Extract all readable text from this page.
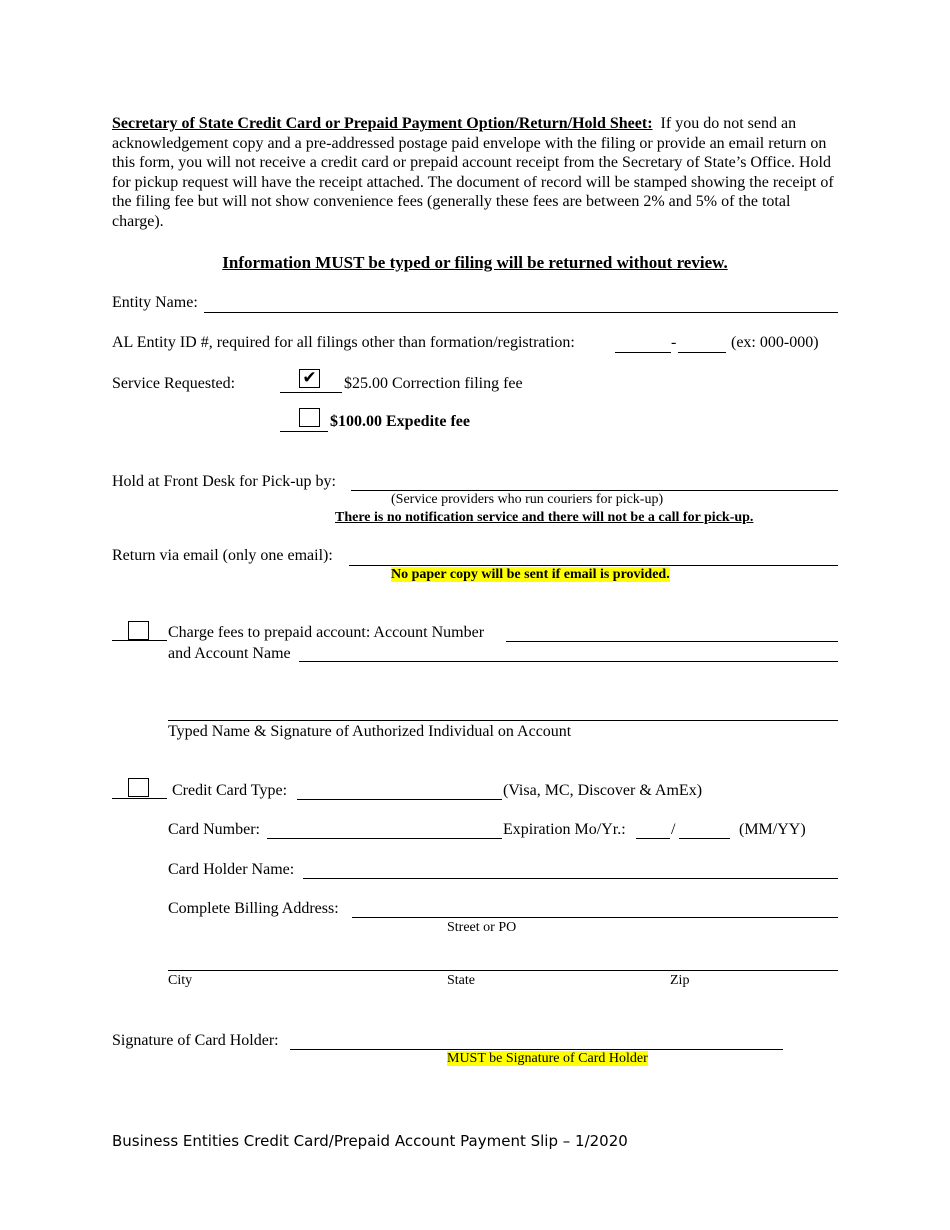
Secretary of State Credit Card or Prepaid Payment Option/Return/Hold Sheet: If you do not send an acknowledgement copy and a pre-addressed postage paid envelope with the filing or provide an email return on this form, you will not receive a credit card or prepaid account receipt from the Secretary of State’s Office. Hold for pickup request will have the receipt attached. The document of record will be stamped showing the receipt of the filing fee but will not show convenience fees (generally these fees are between 2% and 5% of the total charge).
Information MUST be typed or filing will be returned without review.
Entity Name:
AL Entity ID #, required for all filings other than formation/registration:	-	(ex: 000-000)
Service Requested:	✔ $25.00 Correction filing fee
$100.00 Expedite fee
Hold at Front Desk for Pick-up by:
(Service providers who run couriers for pick-up)
There is no notification service and there will not be a call for pick-up.
Return via email (only one email):
No paper copy will be sent if email is provided.
Charge fees to prepaid account: Account Number
and Account Name
Typed Name & Signature of Authorized Individual on Account
Credit Card Type:	(Visa, MC, Discover & AmEx)
Card Number:	Expiration Mo/Yr.:	/	(MM/YY)
Card Holder Name:
Complete Billing Address:
Street or PO
City	State	Zip
Signature of Card Holder:
MUST be Signature of Card Holder
Business Entities Credit Card/Prepaid Account Payment Slip – 1/2020
